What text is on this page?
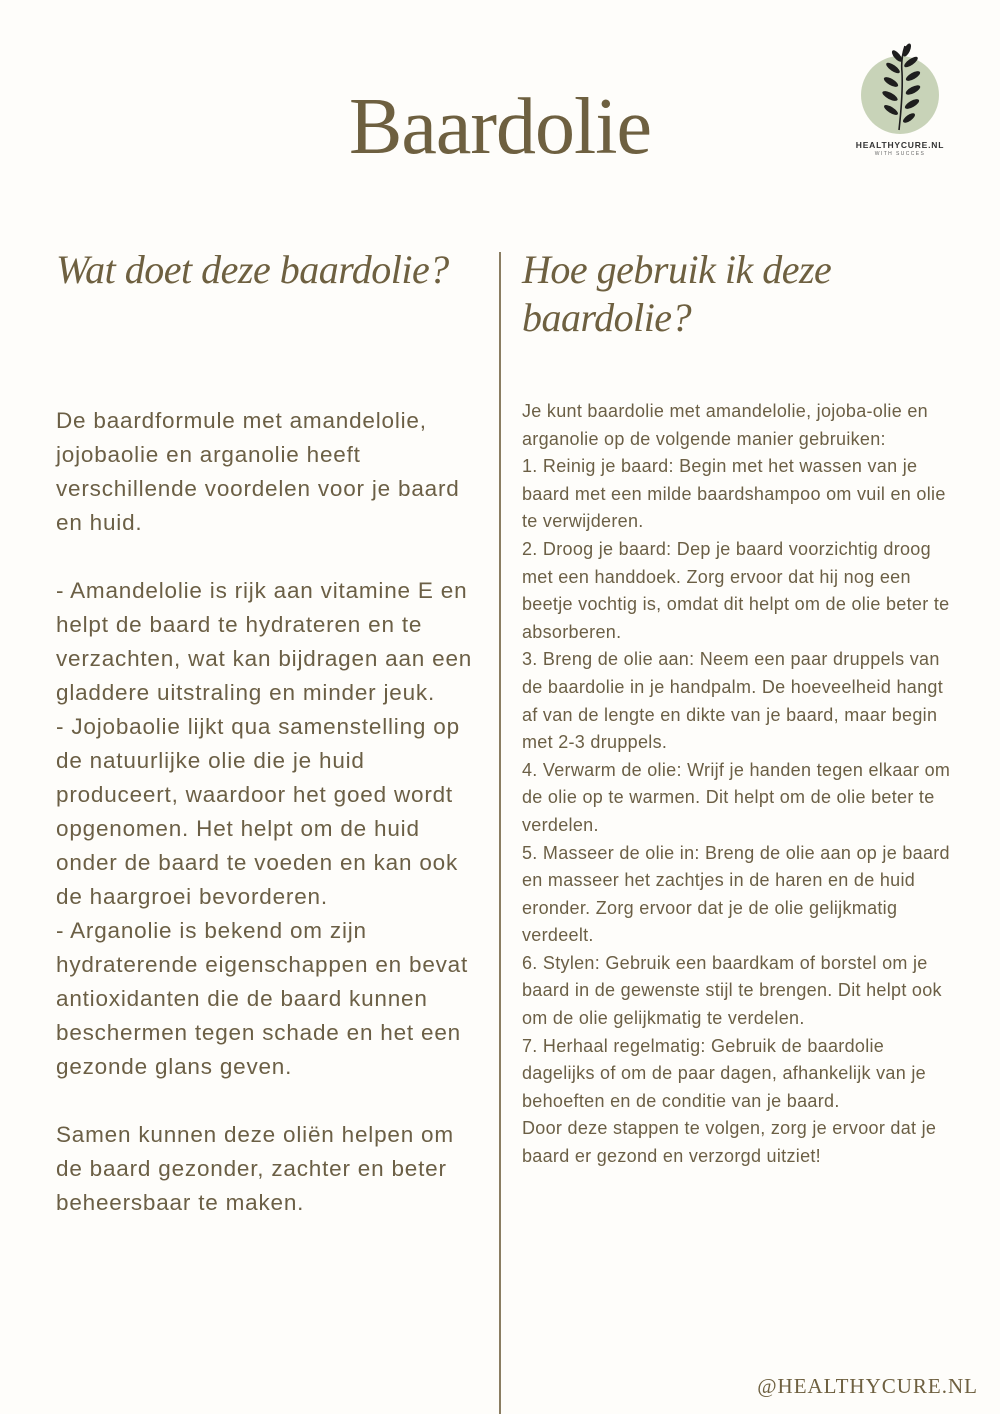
Baardolie	HEALTHYCURE.NL
WITH SUCCES
Wat doet deze baardolie?	Hoe gebruik ik deze baardolie?

De baardformule met amandelolie, jojobaolie en arganolie heeft verschillende voordelen voor je baard en huid.

- Amandelolie is rijk aan vitamine E en helpt de baard te hydrateren en te verzachten, wat kan bijdragen aan een gladdere uitstraling en minder jeuk.

- Jojobaolie lijkt qua samenstelling op de natuurlijke olie die je huid produceert, waardoor het goed wordt opgenomen. Het helpt om de huid onder de baard te voeden en kan ook de haargroei bevorderen.

- Arganolie is bekend om zijn hydraterende eigenschappen en bevat antioxidanten die de baard kunnen beschermen tegen schade en het een gezonde glans geven.

Samen kunnen deze oliën helpen om de baard gezonder, zachter en beter beheersbaar te maken.

Je kunt baardolie met amandelolie, jojoba-olie en arganolie op de volgende manier gebruiken:

1. Reinig je baard: Begin met het wassen van je baard met een milde baardshampoo om vuil en olie te verwijderen.

2. Droog je baard: Dep je baard voorzichtig droog met een handdoek. Zorg ervoor dat hij nog een beetje vochtig is, omdat dit helpt om de olie beter te absorberen.

3. Breng de olie aan: Neem een paar druppels van de baardolie in je handpalm. De hoeveelheid hangt af van de lengte en dikte van je baard, maar begin met 2-3 druppels.

4. Verwarm de olie: Wrijf je handen tegen elkaar om de olie op te warmen. Dit helpt om de olie beter te verdelen.

5. Masseer de olie in: Breng de olie aan op je baard en masseer het zachtjes in de haren en de huid eronder. Zorg ervoor dat je de olie gelijkmatig verdeelt.

6. Stylen: Gebruik een baardkam of borstel om je baard in de gewenste stijl te brengen. Dit helpt ook om de olie gelijkmatig te verdelen.

7. Herhaal regelmatig: Gebruik de baardolie dagelijks of om de paar dagen, afhankelijk van je behoeften en de conditie van je baard.

Door deze stappen te volgen, zorg je ervoor dat je baard er gezond en verzorgd uitziet!

@HEALTHYCURE.NL
